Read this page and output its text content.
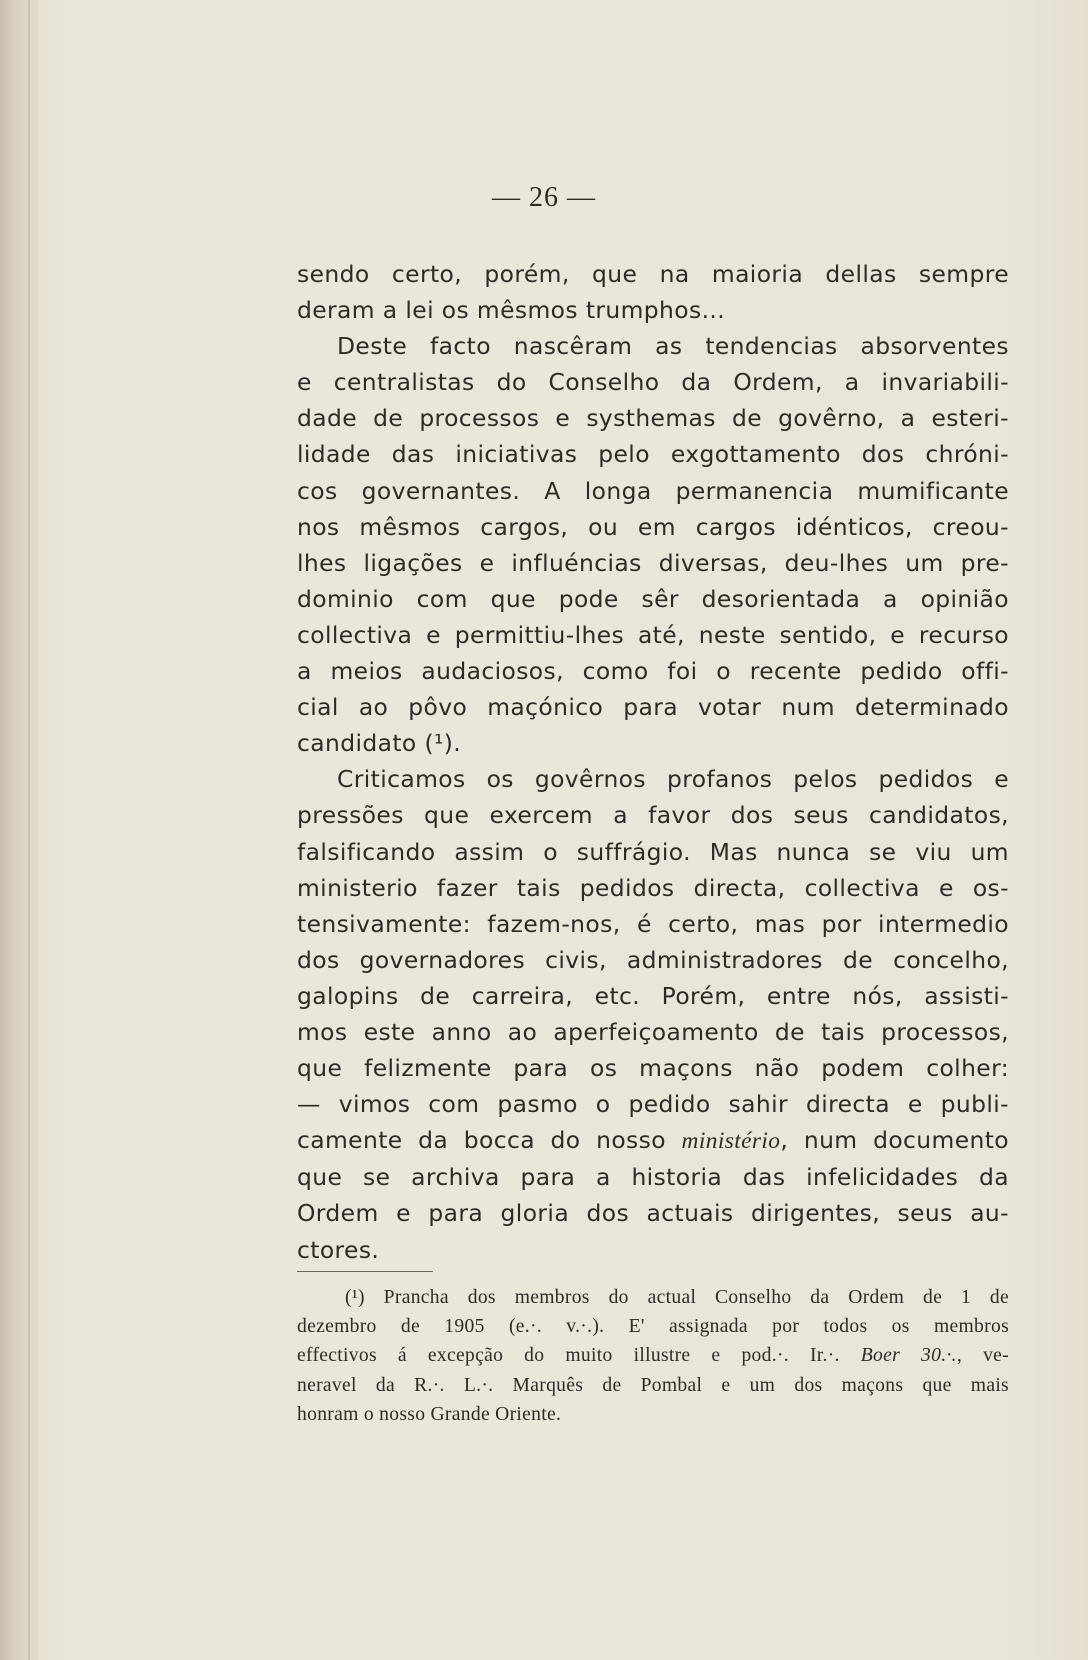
— 26 —
sendo certo, porém, que na maioria dellas sempre
deram a lei os mêsmos trumphos...
Deste facto nascêram as tendencias absorventes
e centralistas do Conselho da Ordem, a invariabili-
dade de processos e systhemas de govêrno, a esteri-
lidade das iniciativas pelo exgottamento dos chróni-
cos governantes. A longa permanencia mumificante
nos mêsmos cargos, ou em cargos idénticos, creou-
lhes ligações e influéncias diversas, deu-lhes um pre-
dominio com que pode sêr desorientada a opinião
collectiva e permittiu-lhes até, neste sentido, e recurso
a meios audaciosos, como foi o recente pedido offi-
cial ao pôvo maçónico para votar num determinado
candidato (¹).
Criticamos os govêrnos profanos pelos pedidos e
pressões que exercem a favor dos seus candidatos,
falsificando assim o suffrágio. Mas nunca se viu um
ministerio fazer tais pedidos directa, collectiva e os-
tensivamente: fazem-nos, é certo, mas por intermedio
dos governadores civis, administradores de concelho,
galopins de carreira, etc. Porém, entre nós, assisti-
mos este anno ao aperfeiçoamento de tais processos,
que felizmente para os maçons não podem colher:
— vimos com pasmo o pedido sahir directa e publi-
camente da bocca do nosso ministério, num documento
que se archiva para a historia das infelicidades da
Ordem e para gloria dos actuais dirigentes, seus au-
ctores.
(¹) Prancha dos membros do actual Conselho da Ordem de 1 de
dezembro de 1905 (e.·. v.·.). E' assignada por todos os membros
effectivos á excepção do muito illustre e pod.·. Ir.·. Boer 30.·., ve-
neravel da R.·. L.·. Marquês de Pombal e um dos maçons que mais
honram o nosso Grande Oriente.
